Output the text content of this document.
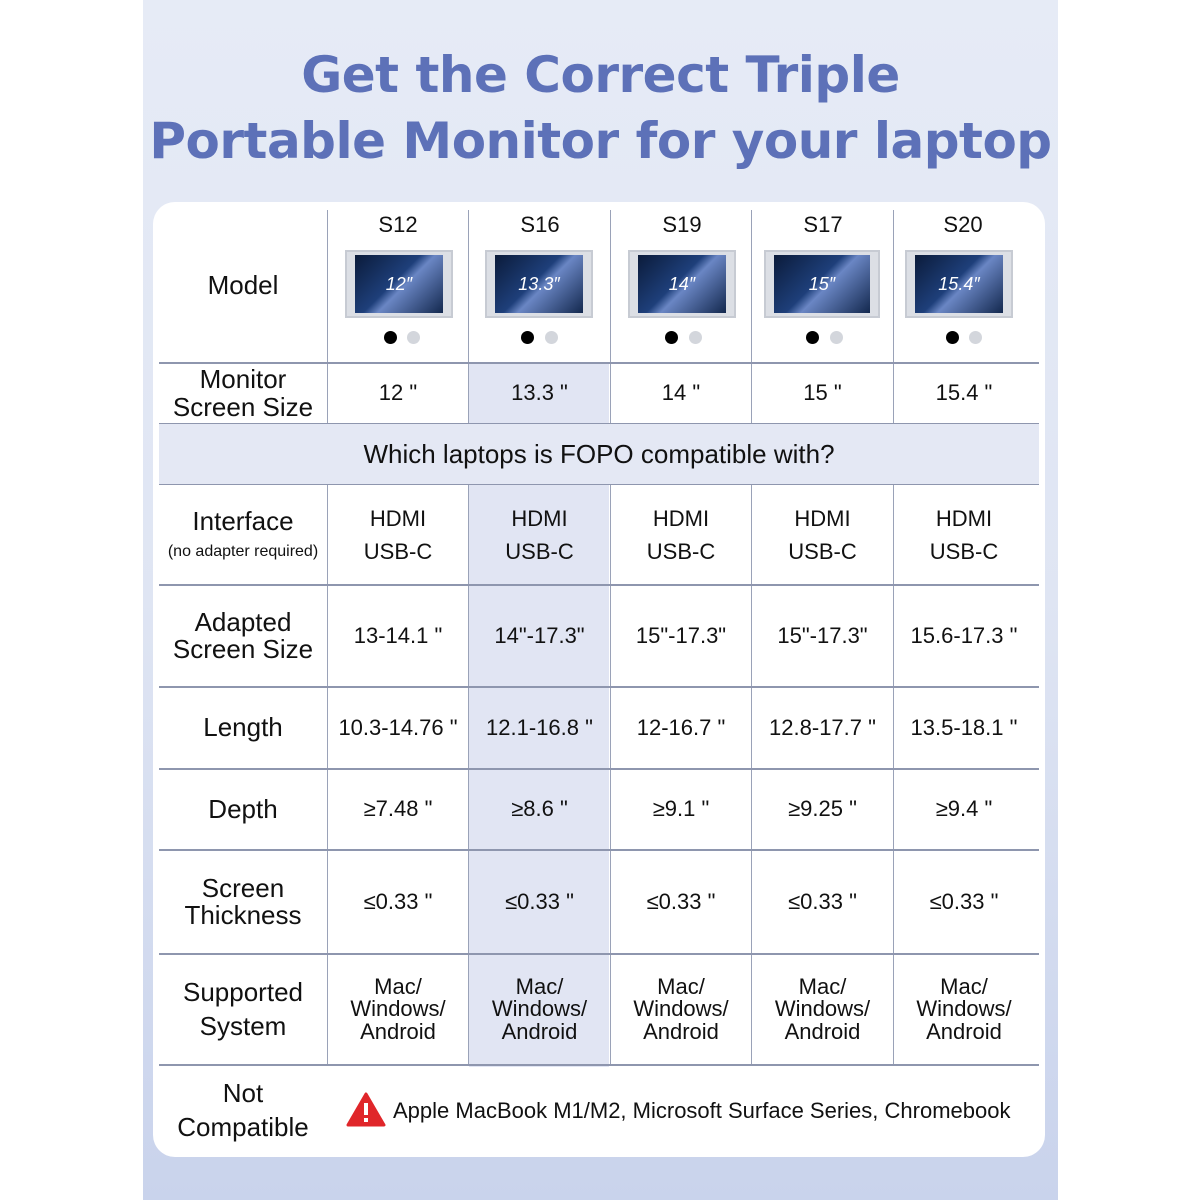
Get the Correct Triple
Portable Monitor for your laptop
Model
S12	S16	S19	S17	S20
12″	13.3″	14″	15″	15.4″
Monitor
Screen Size	12 "	13.3 "	14 "	15 "	15.4 "
Which laptops is FOPO compatible with?
Interface
(no adapter required)
HDMI
USB-C
HDMI
USB-C
HDMI
USB-C
HDMI
USB-C
HDMI
USB-C
Adapted
Screen Size	13-14.1 "	14"-17.3"	15"-17.3"	15"-17.3"	15.6-17.3 "
Length	10.3-14.76 "	12.1-16.8 "	12-16.7 "	12.8-17.7 "	13.5-18.1 "
Depth	≥7.48 "	≥8.6 "	≥9.1 "	≥9.25 "	≥9.4 "
Screen
Thickness	≤0.33 "	≤0.33 "	≤0.33 "	≤0.33 "	≤0.33 "
Supported
System
Mac/
Windows/
Android
Mac/
Windows/
Android
Mac/
Windows/
Android
Mac/
Windows/
Android
Mac/
Windows/
Android
Not
Compatible
Apple MacBook M1/M2, Microsoft Surface Series, Chromebook
